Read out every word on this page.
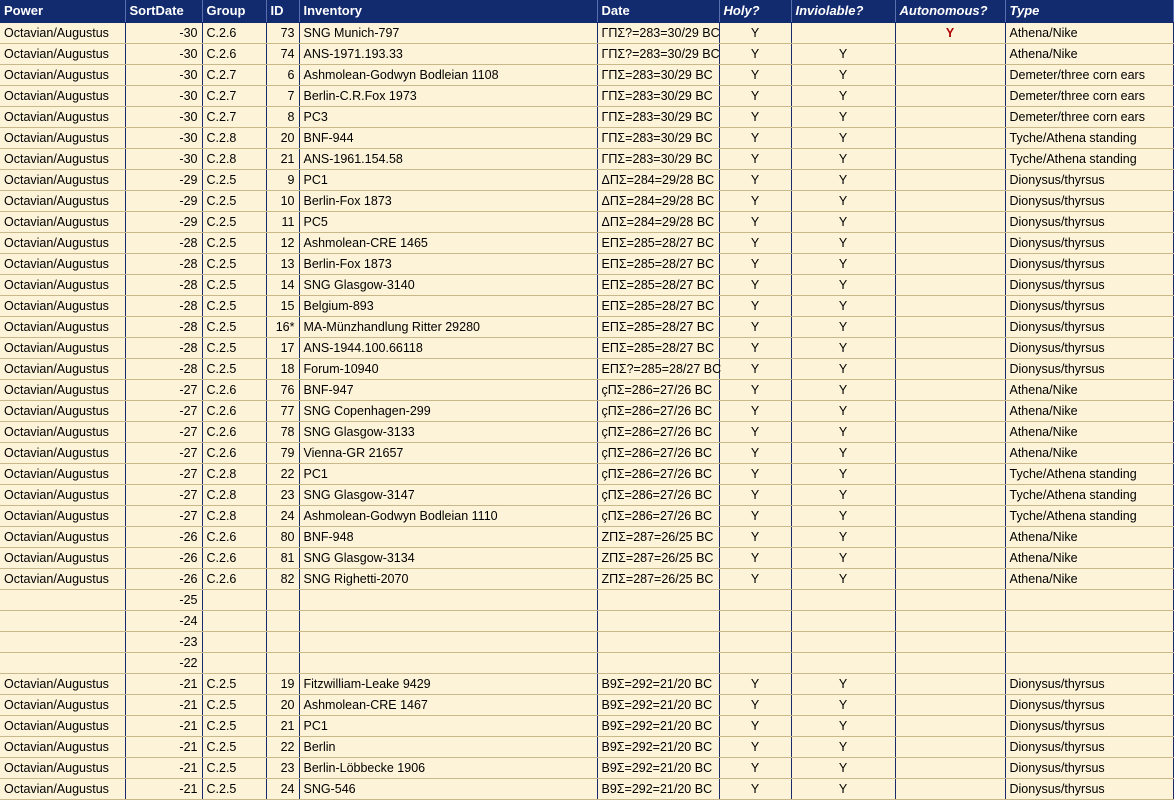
Power	SortDate	Group	ID	Inventory	Date	Holy?	Inviolable?	Autonomous?	Type
Octavian/Augustus	-30	C.2.6	73	SNG Munich-797	ΓΠΣ?=283=30/29 BC	Y		Y	Athena/Nike
Octavian/Augustus	-30	C.2.6	74	ANS-1971.193.33	ΓΠΣ?=283=30/29 BC	Y	Y		Athena/Nike
Octavian/Augustus	-30	C.2.7	6	Ashmolean-Godwyn Bodleian 1108	ΓΠΣ=283=30/29 BC	Y	Y		Demeter/three corn ears
Octavian/Augustus	-30	C.2.7	7	Berlin-C.R.Fox 1973	ΓΠΣ=283=30/29 BC	Y	Y		Demeter/three corn ears
Octavian/Augustus	-30	C.2.7	8	PC3	ΓΠΣ=283=30/29 BC	Y	Y		Demeter/three corn ears
Octavian/Augustus	-30	C.2.8	20	BNF-944	ΓΠΣ=283=30/29 BC	Y	Y		Tyche/Athena standing
Octavian/Augustus	-30	C.2.8	21	ANS-1961.154.58	ΓΠΣ=283=30/29 BC	Y	Y		Tyche/Athena standing
Octavian/Augustus	-29	C.2.5	9	PC1	ΔΠΣ=284=29/28 BC	Y	Y		Dionysus/thyrsus
Octavian/Augustus	-29	C.2.5	10	Berlin-Fox 1873	ΔΠΣ=284=29/28 BC	Y	Y		Dionysus/thyrsus
Octavian/Augustus	-29	C.2.5	11	PC5	ΔΠΣ=284=29/28 BC	Y	Y		Dionysus/thyrsus
Octavian/Augustus	-28	C.2.5	12	Ashmolean-CRE 1465	ΕΠΣ=285=28/27 BC	Y	Y		Dionysus/thyrsus
Octavian/Augustus	-28	C.2.5	13	Berlin-Fox 1873	ΕΠΣ=285=28/27 BC	Y	Y		Dionysus/thyrsus
Octavian/Augustus	-28	C.2.5	14	SNG Glasgow-3140	ΕΠΣ=285=28/27 BC	Y	Y		Dionysus/thyrsus
Octavian/Augustus	-28	C.2.5	15	Belgium-893	ΕΠΣ=285=28/27 BC	Y	Y		Dionysus/thyrsus
Octavian/Augustus	-28	C.2.5	16*	MA-Münzhandlung Ritter 29280	ΕΠΣ=285=28/27 BC	Y	Y		Dionysus/thyrsus
Octavian/Augustus	-28	C.2.5	17	ANS-1944.100.66118	ΕΠΣ=285=28/27 BC	Y	Y		Dionysus/thyrsus
Octavian/Augustus	-28	C.2.5	18	Forum-10940	ΕΠΣ?=285=28/27 BC	Y	Y		Dionysus/thyrsus
Octavian/Augustus	-27	C.2.6	76	BNF-947	çΠΣ=286=27/26 BC	Y	Y		Athena/Nike
Octavian/Augustus	-27	C.2.6	77	SNG Copenhagen-299	çΠΣ=286=27/26 BC	Y	Y		Athena/Nike
Octavian/Augustus	-27	C.2.6	78	SNG Glasgow-3133	çΠΣ=286=27/26 BC	Y	Y		Athena/Nike
Octavian/Augustus	-27	C.2.6	79	Vienna-GR 21657	çΠΣ=286=27/26 BC	Y	Y		Athena/Nike
Octavian/Augustus	-27	C.2.8	22	PC1	çΠΣ=286=27/26 BC	Y	Y		Tyche/Athena standing
Octavian/Augustus	-27	C.2.8	23	SNG Glasgow-3147	çΠΣ=286=27/26 BC	Y	Y		Tyche/Athena standing
Octavian/Augustus	-27	C.2.8	24	Ashmolean-Godwyn Bodleian 1110	çΠΣ=286=27/26 BC	Y	Y		Tyche/Athena standing
Octavian/Augustus	-26	C.2.6	80	BNF-948	ΖΠΣ=287=26/25 BC	Y	Y		Athena/Nike
Octavian/Augustus	-26	C.2.6	81	SNG Glasgow-3134	ΖΠΣ=287=26/25 BC	Y	Y		Athena/Nike
Octavian/Augustus	-26	C.2.6	82	SNG Righetti-2070	ΖΠΣ=287=26/25 BC	Y	Y		Athena/Nike
	-25								
	-24								
	-23								
	-22								
Octavian/Augustus	-21	C.2.5	19	Fitzwilliam-Leake 9429	B9Σ=292=21/20 BC	Y	Y		Dionysus/thyrsus
Octavian/Augustus	-21	C.2.5	20	Ashmolean-CRE 1467	B9Σ=292=21/20 BC	Y	Y		Dionysus/thyrsus
Octavian/Augustus	-21	C.2.5	21	PC1	B9Σ=292=21/20 BC	Y	Y		Dionysus/thyrsus
Octavian/Augustus	-21	C.2.5	22	Berlin	B9Σ=292=21/20 BC	Y	Y		Dionysus/thyrsus
Octavian/Augustus	-21	C.2.5	23	Berlin-Löbbecke 1906	B9Σ=292=21/20 BC	Y	Y		Dionysus/thyrsus
Octavian/Augustus	-21	C.2.5	24	SNG-546	B9Σ=292=21/20 BC	Y	Y		Dionysus/thyrsus
